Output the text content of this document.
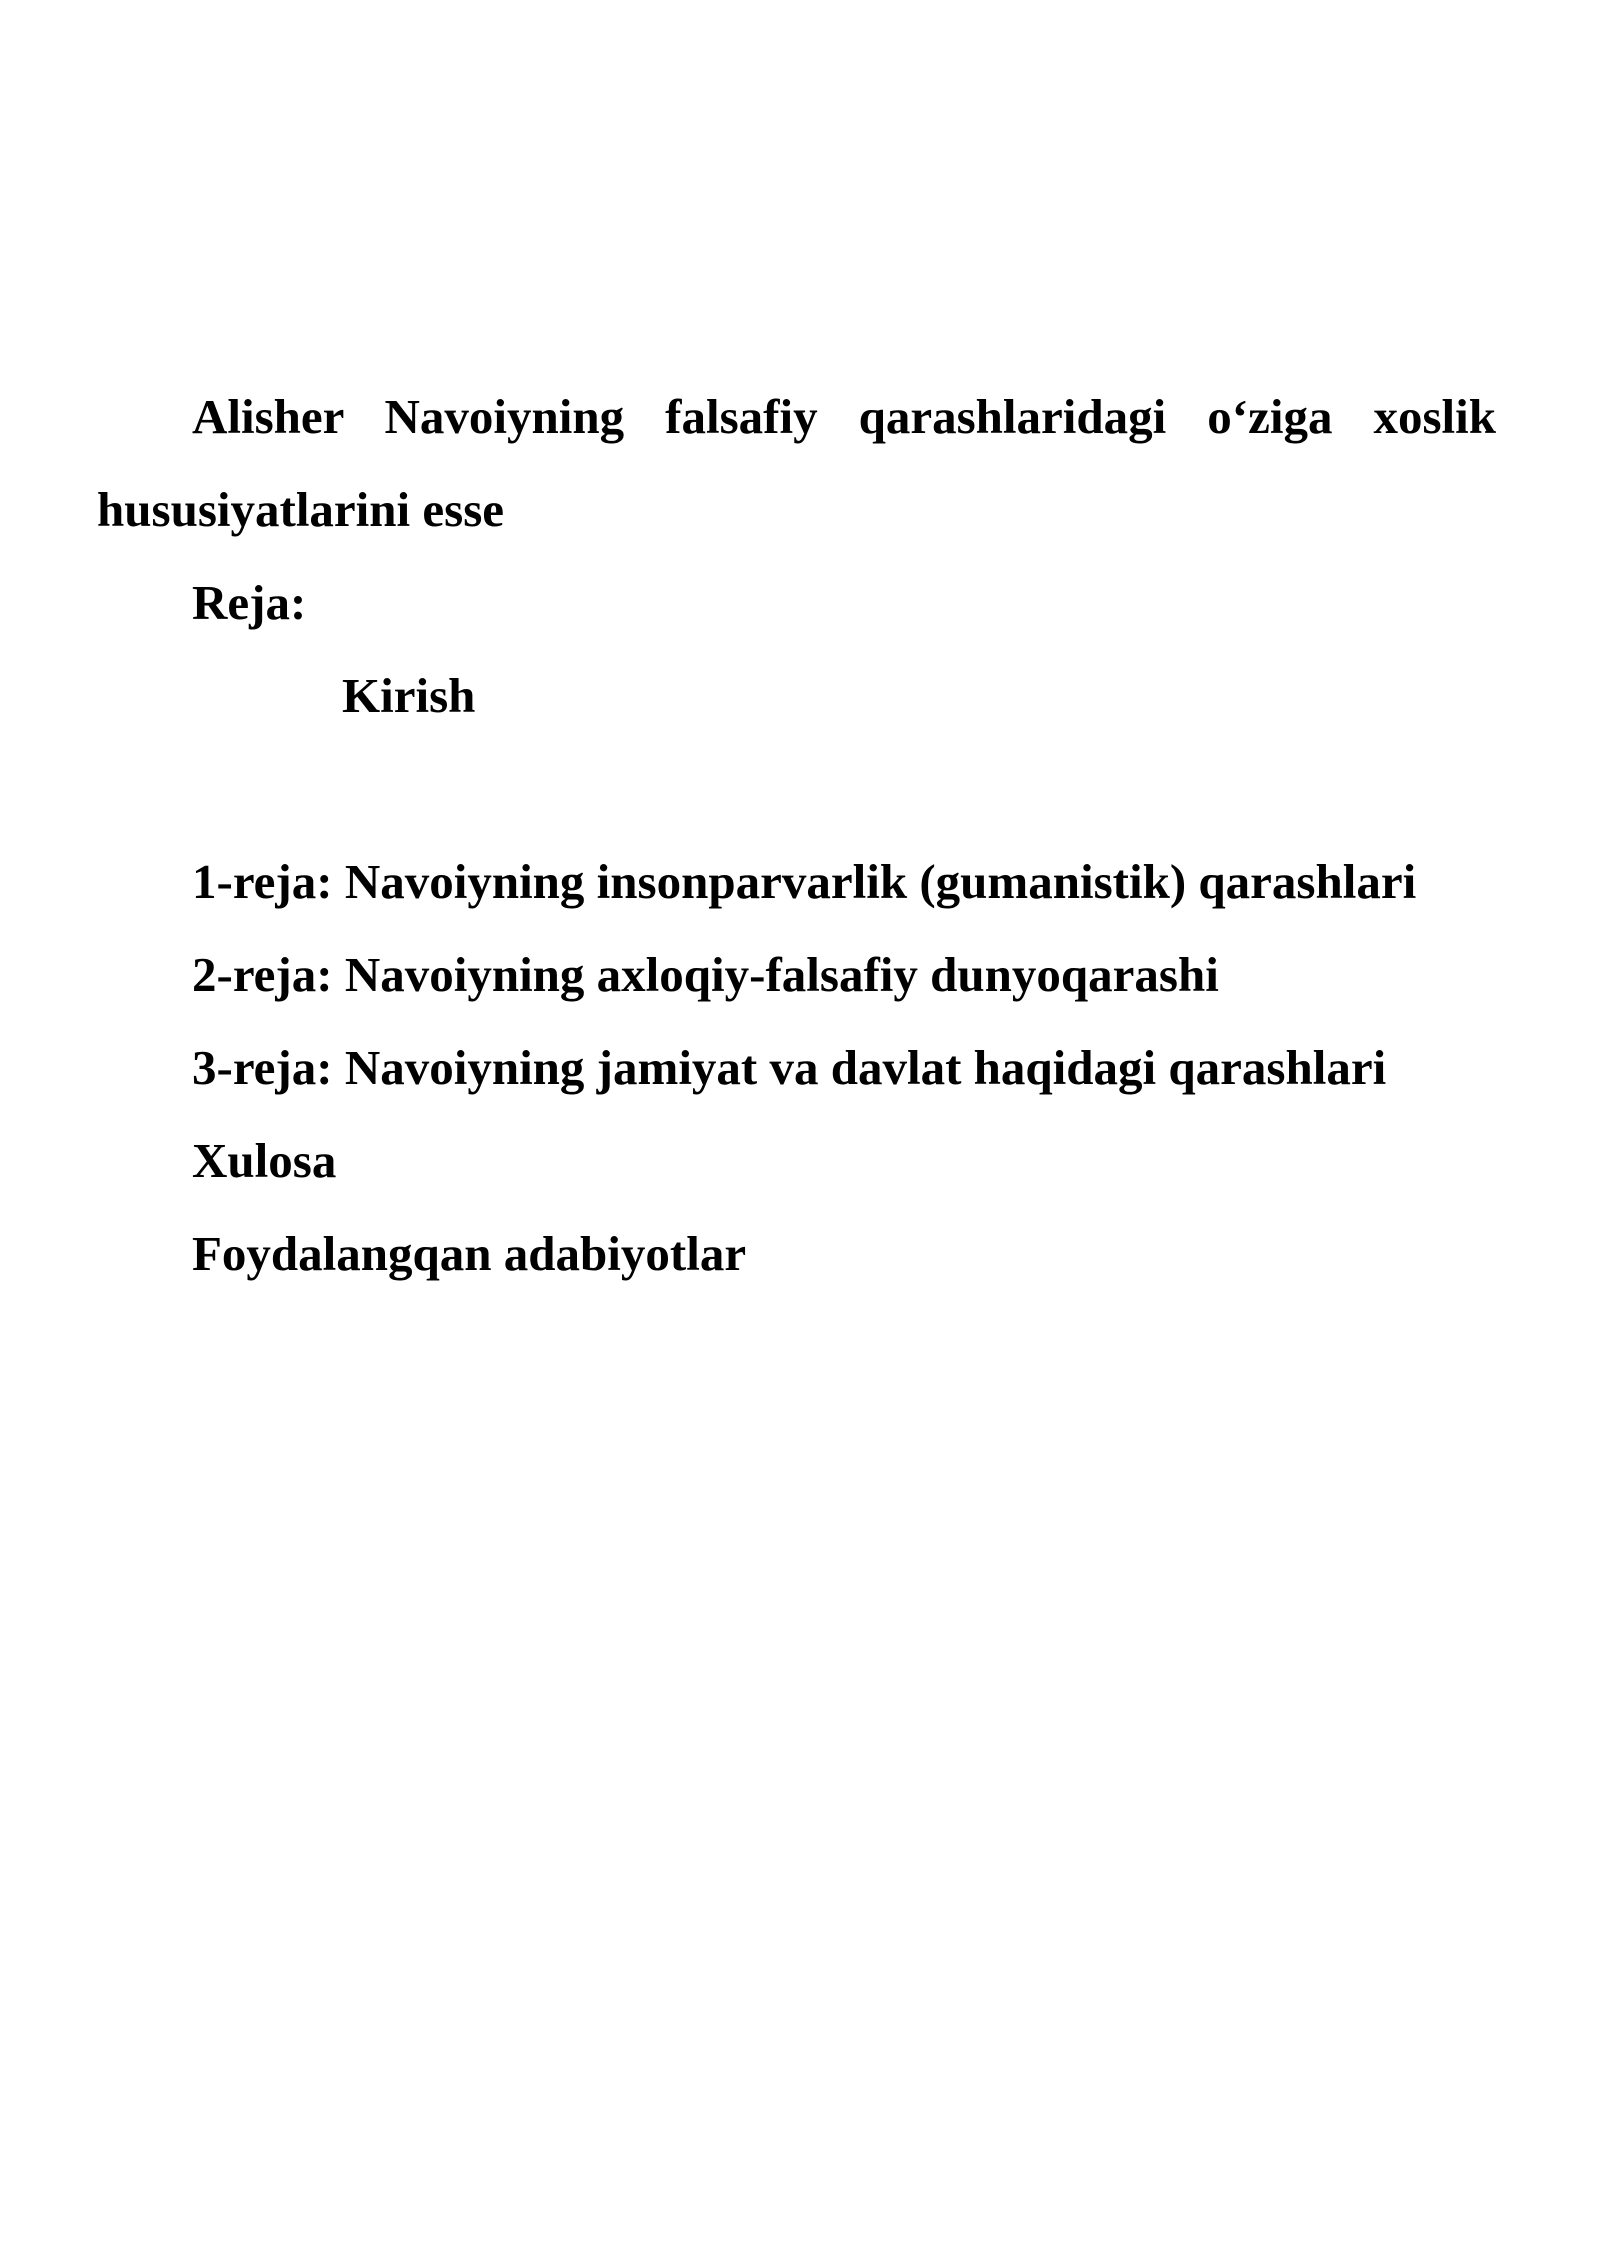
Alisher Navoiyning falsafiy qarashlaridagi o‘ziga xoslik hususiyatlarini esse

Reja:

Kirish

1-reja: Navoiyning insonparvarlik (gumanistik) qarashlari

2-reja: Navoiyning axloqiy-falsafiy dunyoqarashi

3-reja: Navoiyning jamiyat va davlat haqidagi qarashlari

Xulosa

Foydalangqan adabiyotlar
